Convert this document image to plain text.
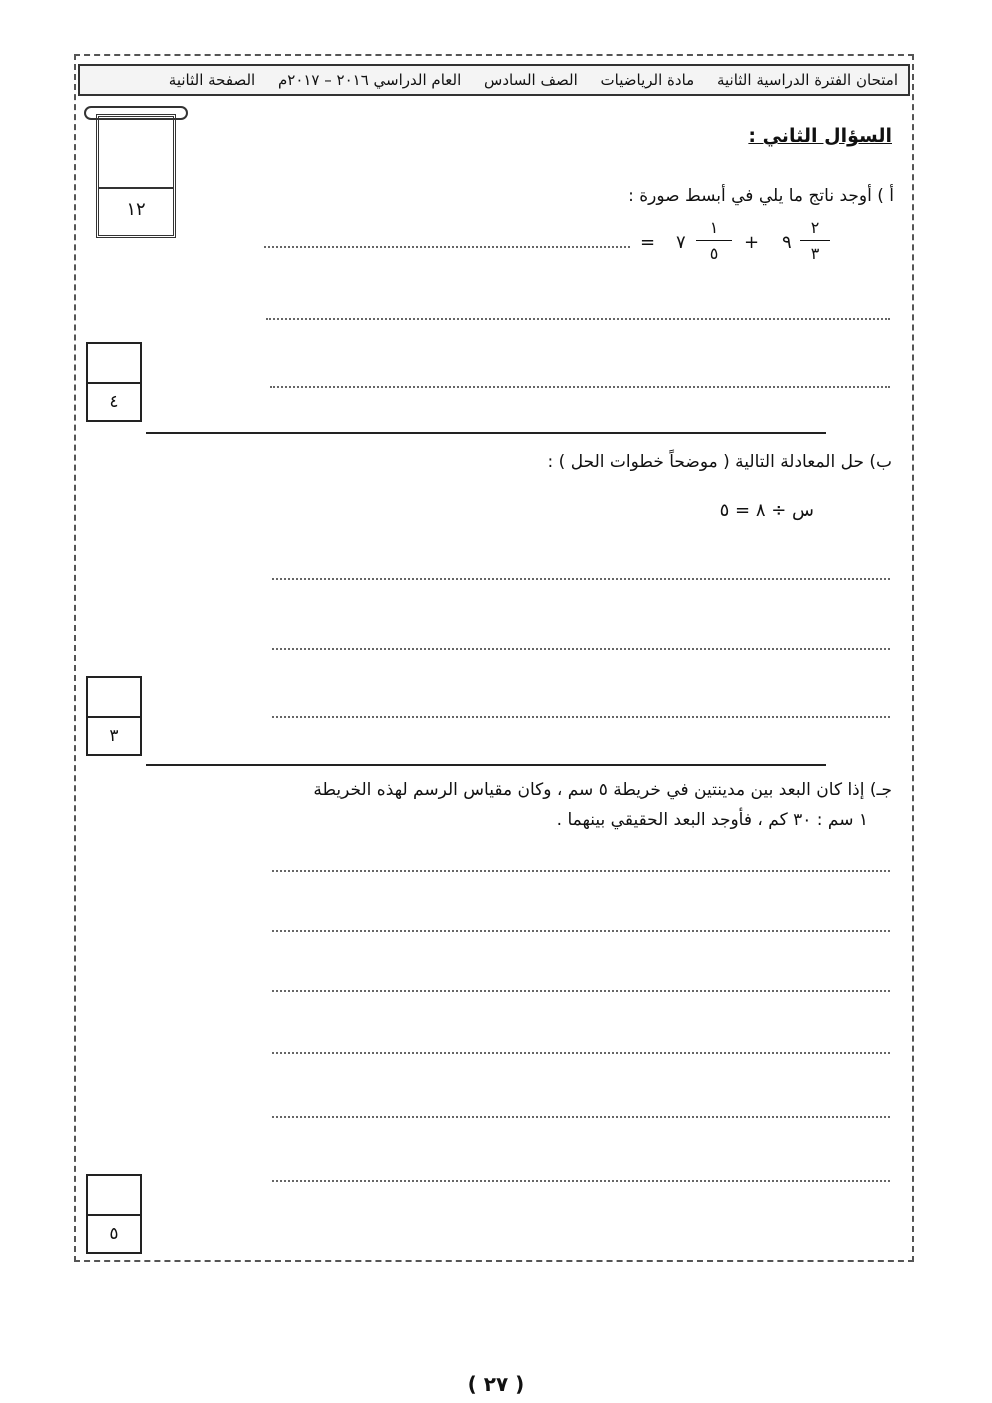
امتحان الفترة الدراسية الثانية مادة الرياضيات الصف السادس العام الدراسي ٢٠١٦ – ٢٠١٧م الصفحة الثانية
١٢
السؤال الثاني :
أ ) أوجد ناتج ما يلي في أبسط صورة :
٩
٢
٣
+
٧
١
٥
=
٤
ب) حل المعادلة التالية ( موضحاً خطوات الحل ) :
س ÷ ٨ = ٥
٣
جـ) إذا كان البعد بين مدينتين في خريطة ٥ سم ، وكان مقياس الرسم لهذه الخريطة
١ سم : ٣٠ كم ، فأوجد البعد الحقيقي بينهما .
٥
( ٢٧ )
